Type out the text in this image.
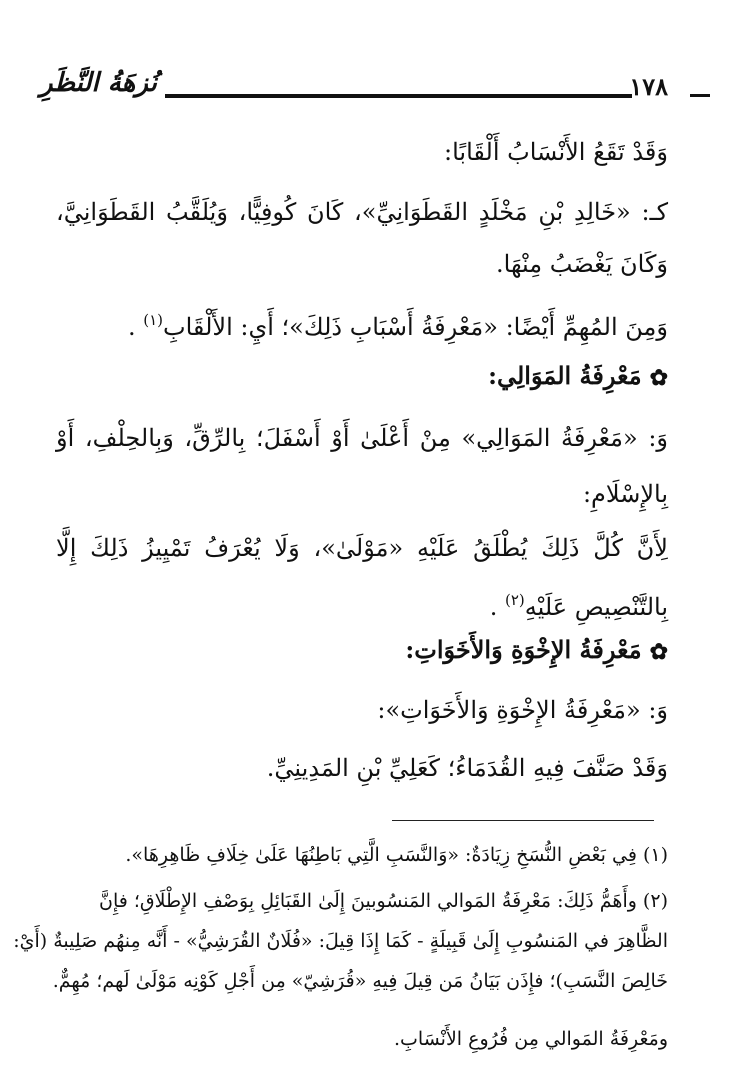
نُزهَةُ النَّظَرِ	١٧٨
وَقَدْ تَقَعُ الأَنْسَابُ أَلْقَابًا:
كـ: «خَالِدِ بْنِ مَخْلَدٍ القَطَوَانِيِّ»، كَانَ كُوفِيًّا، وَيُلَقَّبُ القَطَوَانِيَّ،
وَكَانَ يَغْضَبُ مِنْهَا.
وَمِنَ المُهِمِّ أَيْضًا: «مَعْرِفَةُ أَسْبَابِ ذَلِكَ»؛ أَيِ: الأَلْقَابِ$^{(١)}$ .
✿مَعْرِفَةُ المَوَالِي:
وَ: «مَعْرِفَةُ المَوَالِي» مِنْ أَعْلَىٰ أَوْ أَسْفَلَ؛ بِالرِّقِّ، وَبِالحِلْفِ، أَوْ
بِالإِسْلَامِ:
لِأَنَّ كُلَّ ذَلِكَ يُطْلَقُ عَلَيْهِ «مَوْلَىٰ»، وَلَا يُعْرَفُ تَمْيِيزُ ذَلِكَ إِلَّا
بِالتَّنْصِيصِ عَلَيْهِ$^{(٢)}$ .
✿مَعْرِفَةُ الإِخْوَةِ وَالأَخَوَاتِ:
وَ: «مَعْرِفَةُ الإِخْوَةِ وَالأَخَوَاتِ»:
وَقَدْ صَنَّفَ فِيهِ القُدَمَاءُ؛ كَعَلِيِّ بْنِ المَدِينِيِّ.
(١) فِي بَعْضِ النُّسَخِ زِيَادَةٌ: «وَالنَّسَبِ الَّتِي بَاطِنُهَا عَلَىٰ خِلَافِ ظَاهِرِهَا».
(٢) وأَهَمُّ ذَلِكَ: مَعْرِفَةُ المَوالي المَنسُوبينَ إِلَىٰ القَبَائِلِ بِوَصْفِ الإِطْلَاقِ؛ فإِنَّ
الظَّاهِرَ في المَنسُوبِ إِلَىٰ قَبِيلَةٍ - كَمَا إِذَا قِيلَ: «فُلَانٌ القُرَشِيُّ» - أَنَّه مِنهُم صَلِيبةٌ (أَيْ:
خَالِصَ النَّسَبِ)؛ فإِذَن بَيَانُ مَن قِيلَ فِيهِ «قُرَشِيّ» مِن أَجْلِ كَوْنِه مَوْلَىٰ لَهم؛ مُهِمٌّ.
ومَعْرِفَةُ المَوالي مِن فُرُوعِ الأَنْسَابِ.
